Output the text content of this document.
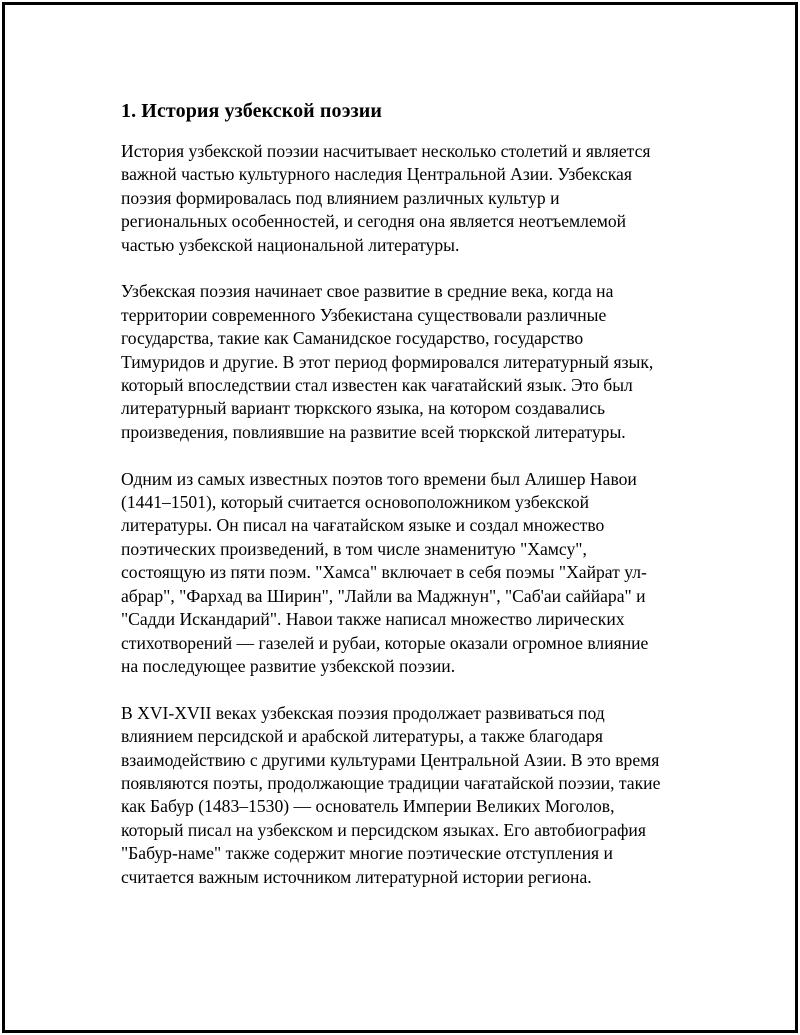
1. История узбекской поэзии

История узбекской поэзии насчитывает несколько столетий и является
важной частью культурного наследия Центральной Азии. Узбекская
поэзия формировалась под влиянием различных культур и
региональных особенностей, и сегодня она является неотъемлемой
частью узбекской национальной литературы.

Узбекская поэзия начинает свое развитие в средние века, когда на
территории современного Узбекистана существовали различные
государства, такие как Саманидское государство, государство
Тимуридов и другие. В этот период формировался литературный язык,
который впоследствии стал известен как чағатайский язык. Это был
литературный вариант тюркского языка, на котором создавались
произведения, повлиявшие на развитие всей тюркской литературы.

Одним из самых известных поэтов того времени был Алишер Навои
(1441–1501), который считается основоположником узбекской
литературы. Он писал на чағатайском языке и создал множество
поэтических произведений, в том числе знаменитую "Хамсу",
состоящую из пяти поэм. "Хамса" включает в себя поэмы "Хайрат ул-
абрар", "Фархад ва Ширин", "Лайли ва Маджнун", "Саб'аи саййара" и
"Садди Искандарий". Навои также написал множество лирических
стихотворений — газелей и рубаи, которые оказали огромное влияние
на последующее развитие узбекской поэзии.

В XVI-XVII веках узбекская поэзия продолжает развиваться под
влиянием персидской и арабской литературы, а также благодаря
взаимодействию с другими культурами Центральной Азии. В это время
появляются поэты, продолжающие традиции чағатайской поэзии, такие
как Бабур (1483–1530) — основатель Империи Великих Моголов,
который писал на узбекском и персидском языках. Его автобиография
"Бабур-наме" также содержит многие поэтические отступления и
считается важным источником литературной истории региона.
